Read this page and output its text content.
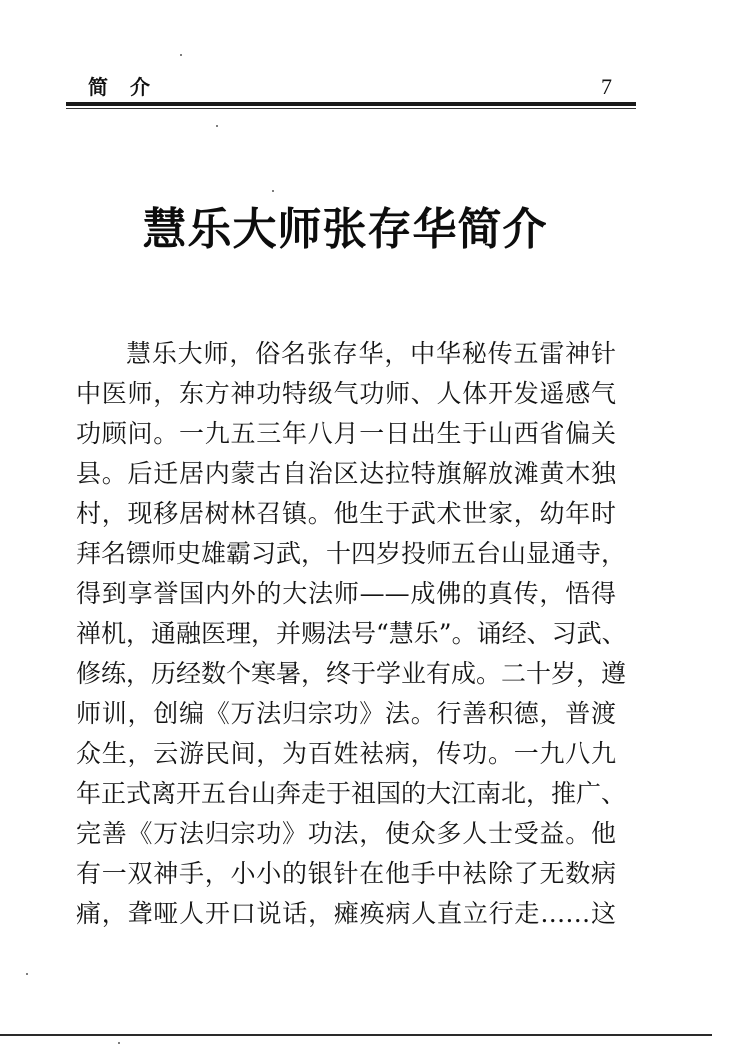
简介	7
慧乐大师张存华简介
慧乐大师，俗名张存华，中华秘传五雷神针
中医师，东方神功特级气功师、人体开发遥感气
功顾问。一九五三年八月一日出生于山西省偏关
县。后迁居内蒙古自治区达拉特旗解放滩黄木独
村，现移居树林召镇。他生于武术世家，幼年时
拜名镖师史雄霸习武，十四岁投师五台山显通寺，
得到享誉国内外的大法师——成佛的真传，悟得
禅机，通融医理，并赐法号“慧乐”。诵经、习武、
修练，历经数个寒暑，终于学业有成。二十岁，遵
师训，创编《万法归宗功》法。行善积德，普渡
众生，云游民间，为百姓袪病，传功。一九八九
年正式离开五台山奔走于祖国的大江南北，推广、
完善《万法归宗功》功法，使众多人士受益。他
有一双神手，小小的银针在他手中袪除了无数病
痛，聋哑人开口说话，瘫痪病人直立行走……这
